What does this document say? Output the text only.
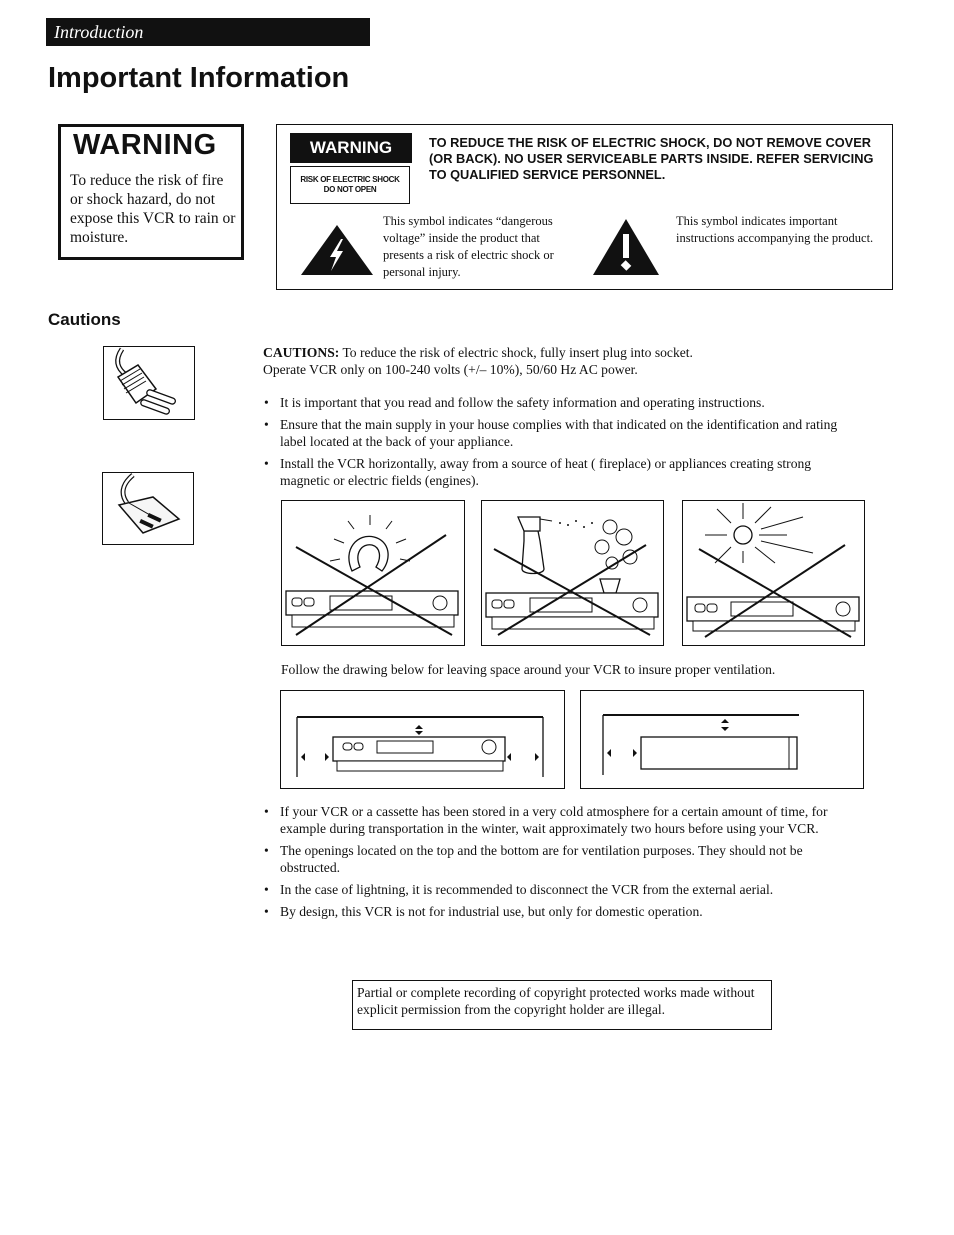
Introduction
Important Information
WARNING
To reduce the risk of fire or shock hazard, do not expose this VCR to rain or moisture.
WARNING
RISK OF ELECTRIC SHOCK
DO NOT OPEN
TO REDUCE THE RISK OF ELECTRIC SHOCK, DO NOT REMOVE COVER (OR BACK). NO USER SERVICEABLE PARTS INSIDE. REFER SERVICING TO QUALIFIED SERVICE PERSONNEL.
This symbol indicates “dangerous voltage” inside the product that presents a risk of electric shock or personal injury.
This symbol indicates important instructions accompanying the product.
Cautions
CAUTIONS: To reduce the risk of electric shock, fully insert plug into socket.
Operate VCR only on 100-240 volts (+/– 10%), 50/60 Hz AC power.
• It is important that you read and follow the safety information and operating instructions.
• Ensure that the main supply in your house complies with that indicated on the identification and rating label located at the back of your appliance.
• Install the VCR horizontally, away from a source of heat ( fireplace) or appliances creating strong magnetic or electric fields (engines).
Follow the drawing below for leaving space around your VCR to insure proper ventilation.
• If your VCR or a cassette has been stored in a very cold atmosphere for a certain amount of time, for example during transportation in the winter, wait approximately two hours before using your VCR.
• The openings located on the top and the bottom are for ventilation purposes. They should not be obstructed.
• In the case of lightning, it is recommended to disconnect the VCR from the external aerial.
• By design, this VCR is not for industrial use, but only for domestic operation.
Partial or complete recording of copyright protected works made without explicit permission from the copyright holder are illegal.
